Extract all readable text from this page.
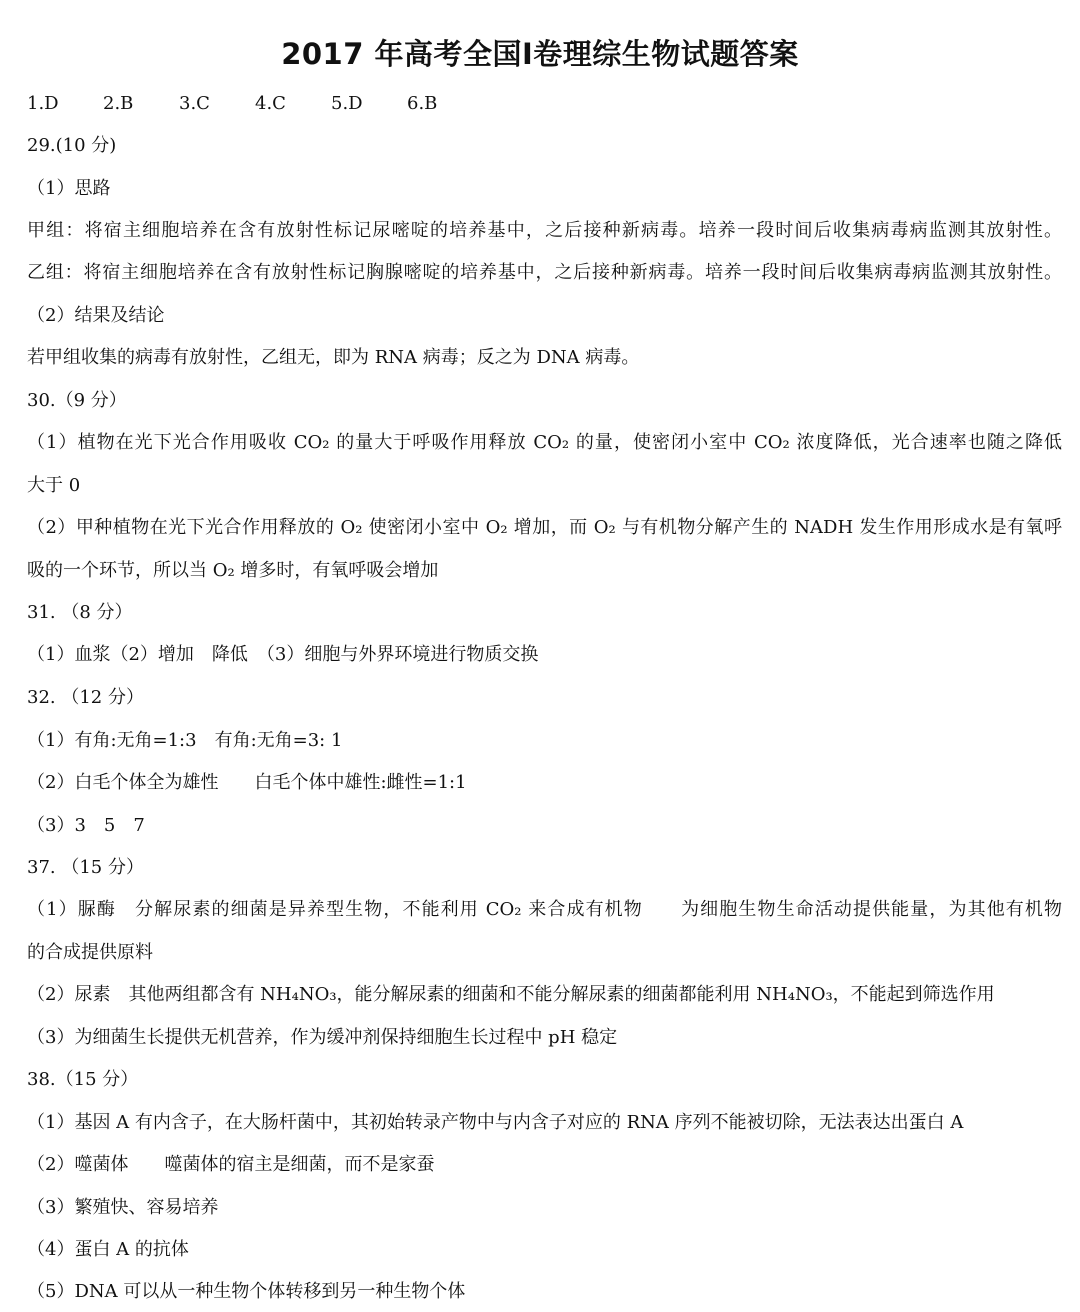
2017 年高考全国Ⅰ卷理综生物试题答案
1.D	2.B	3.C	4.C	5.D	6.B
29.(10 分)
（1）思路
甲组：将宿主细胞培养在含有放射性标记尿嘧啶的培养基中，之后接种新病毒。培养一段时间后收集病毒病监测其放射性。
乙组：将宿主细胞培养在含有放射性标记胸腺嘧啶的培养基中，之后接种新病毒。培养一段时间后收集病毒病监测其放射性。
（2）结果及结论
若甲组收集的病毒有放射性，乙组无，即为 RNA 病毒；反之为 DNA 病毒。
30.（9 分）
（1）植物在光下光合作用吸收 CO₂ 的量大于呼吸作用释放 CO₂ 的量，使密闭小室中 CO₂ 浓度降低，光合速率也随之降低
大于 0
（2）甲种植物在光下光合作用释放的 O₂ 使密闭小室中 O₂ 增加，而 O₂ 与有机物分解产生的 NADH 发生作用形成水是有氧呼
吸的一个环节，所以当 O₂ 增多时，有氧呼吸会增加
31. （8 分）
（1）血浆（2）增加　降低　（3）细胞与外界环境进行物质交换
32. （12 分）
（1）有角:无角=1:3　有角:无角=3: 1
（2）白毛个体全为雄性　　白毛个体中雄性:雌性=1:1
（3）3　5　7
37. （15 分）
（1）脲酶　分解尿素的细菌是异养型生物，不能利用 CO₂ 来合成有机物　　为细胞生物生命活动提供能量，为其他有机物
的合成提供原料
（2）尿素　其他两组都含有 NH₄NO₃，能分解尿素的细菌和不能分解尿素的细菌都能利用 NH₄NO₃，不能起到筛选作用
（3）为细菌生长提供无机营养，作为缓冲剂保持细胞生长过程中 pH 稳定
38.（15 分）
（1）基因 A 有内含子，在大肠杆菌中，其初始转录产物中与内含子对应的 RNA 序列不能被切除，无法表达出蛋白 A
（2）噬菌体　　噬菌体的宿主是细菌，而不是家蚕
（3）繁殖快、容易培养
（4）蛋白 A 的抗体
（5）DNA 可以从一种生物个体转移到另一种生物个体
